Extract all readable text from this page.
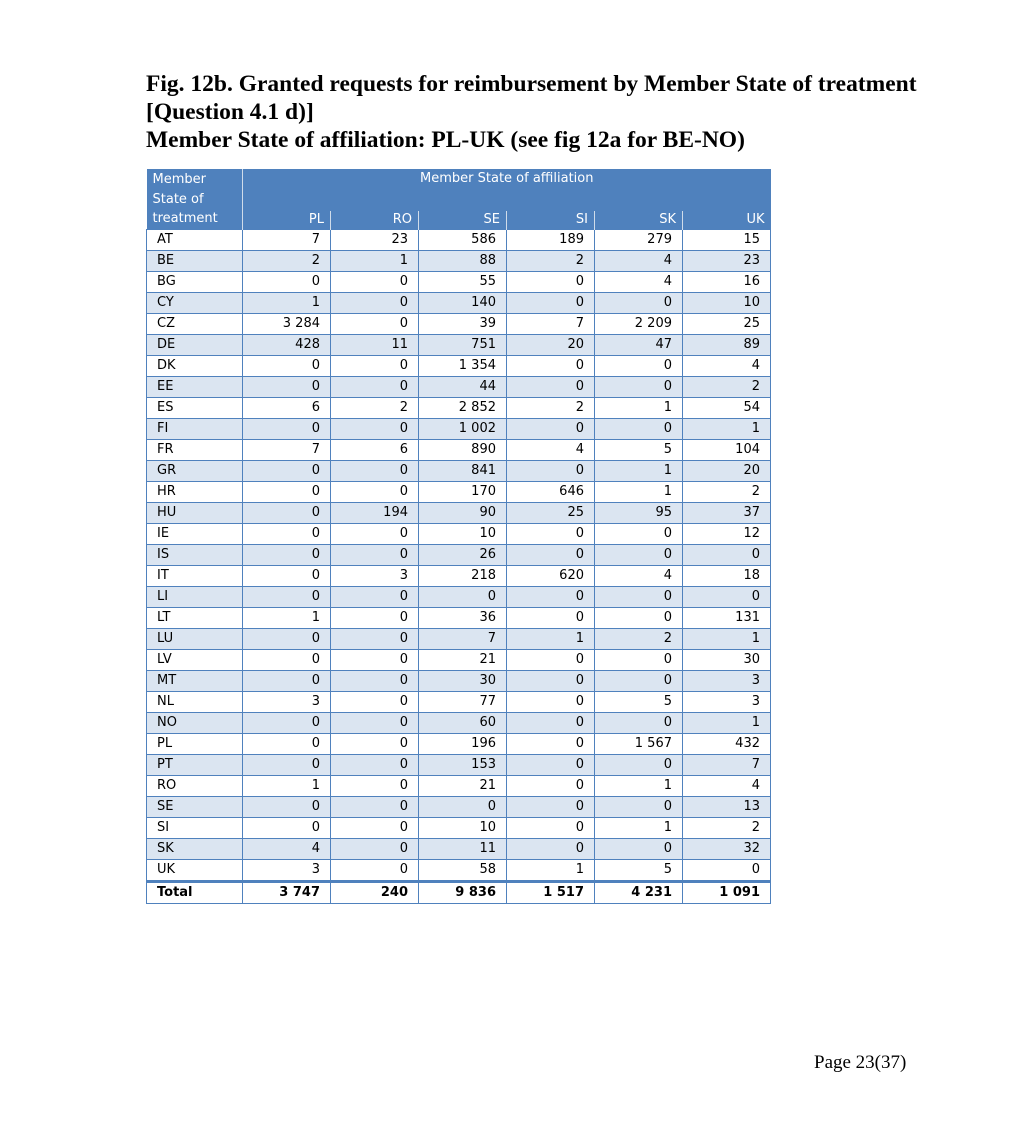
Fig. 12b. Granted requests for reimbursement by Member State of treatment
[Question 4.1 d)]
Member State of affiliation: PL-UK (see fig 12a for BE-NO)
Member
State of
treatment	Member State of affiliation					
	PL	RO	SE	SI	SK	UK
AT	7	23	586	189	279	15
BE	2	1	88	2	4	23
BG	0	0	55	0	4	16
CY	1	0	140	0	0	10
CZ	3 284	0	39	7	2 209	25
DE	428	11	751	20	47	89
DK	0	0	1 354	0	0	4
EE	0	0	44	0	0	2
ES	6	2	2 852	2	1	54
FI	0	0	1 002	0	0	1
FR	7	6	890	4	5	104
GR	0	0	841	0	1	20
HR	0	0	170	646	1	2
HU	0	194	90	25	95	37
IE	0	0	10	0	0	12
IS	0	0	26	0	0	0
IT	0	3	218	620	4	18
LI	0	0	0	0	0	0
LT	1	0	36	0	0	131
LU	0	0	7	1	2	1
LV	0	0	21	0	0	30
MT	0	0	30	0	0	3
NL	3	0	77	0	5	3
NO	0	0	60	0	0	1
PL	0	0	196	0	1 567	432
PT	0	0	153	0	0	7
RO	1	0	21	0	1	4
SE	0	0	0	0	0	13
SI	0	0	10	0	1	2
SK	4	0	11	0	0	32
UK	3	0	58	1	5	0
Total	3 747	240	9 836	1 517	4 231	1 091
Page 23(37)
